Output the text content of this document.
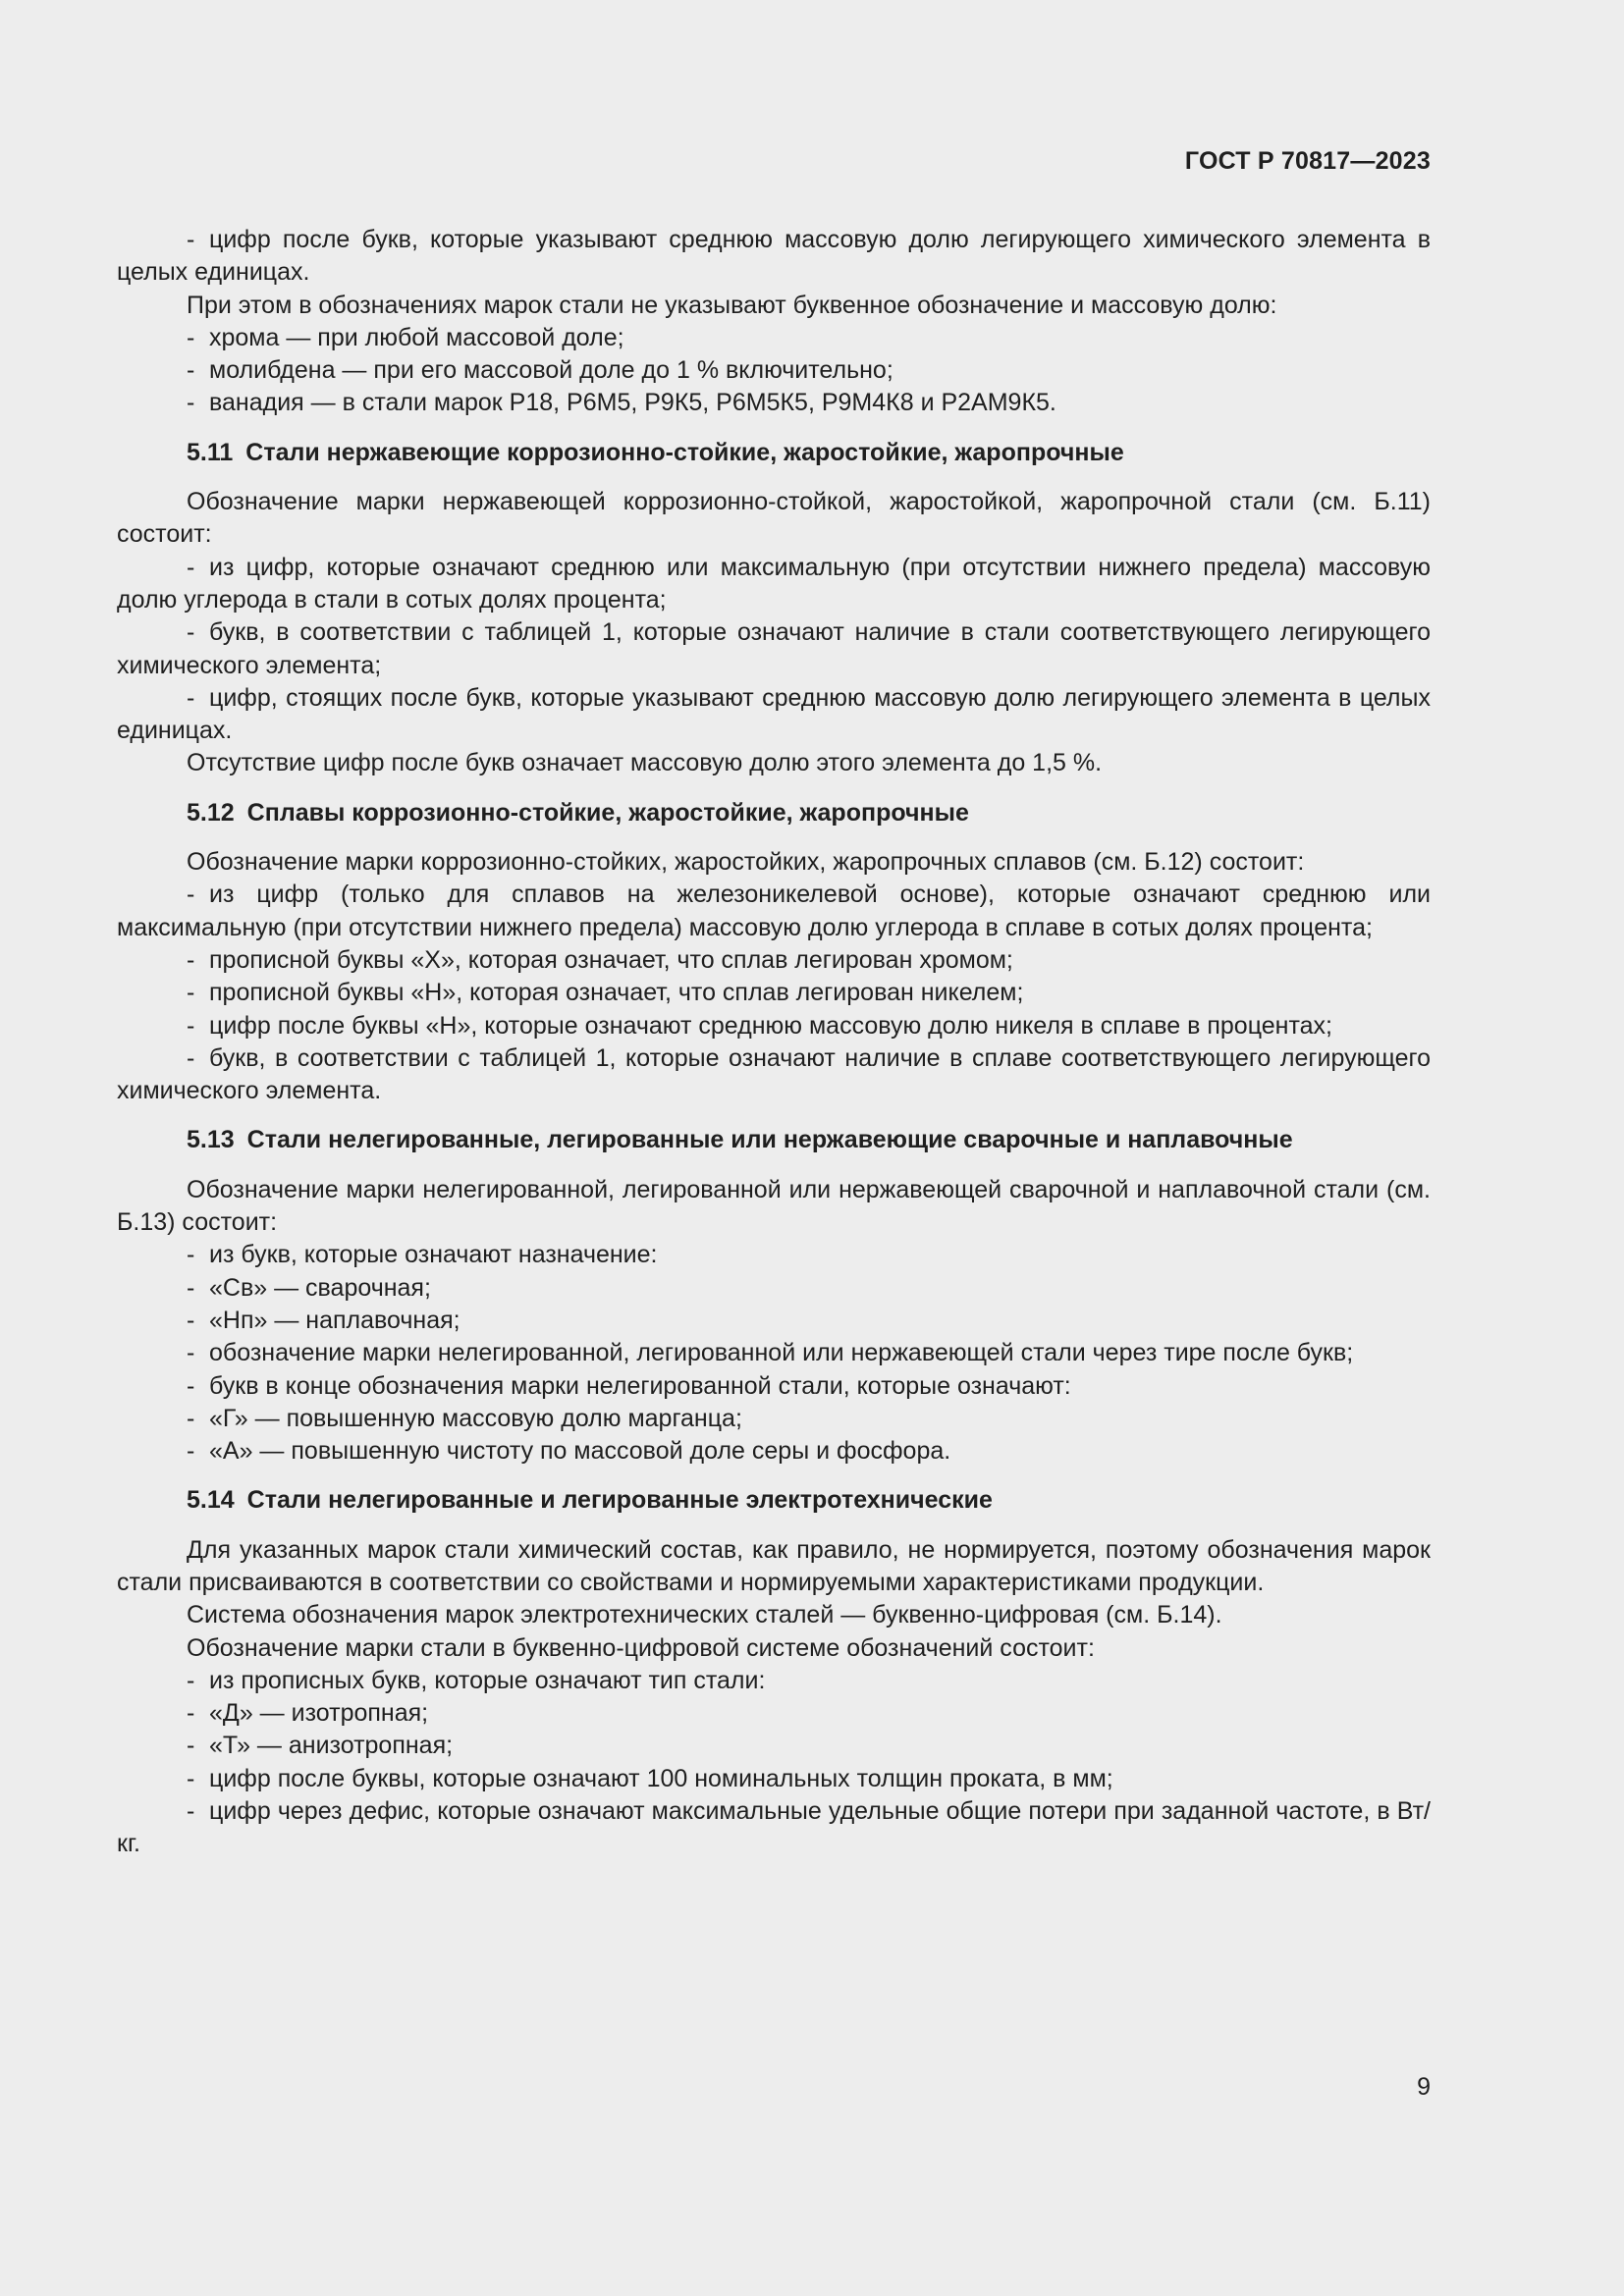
ГОСТ Р 70817—2023

- цифр после букв, которые указывают среднюю массовую долю легирующего химического элемента в целых единицах.

При этом в обозначениях марок стали не указывают буквенное обозначение и массовую долю:

- хрома — при любой массовой доле;

- молибдена — при его массовой доле до 1 % включительно;

- ванадия — в стали марок Р18, Р6М5, Р9К5, Р6М5К5, Р9М4К8 и Р2АМ9К5.

5.11 Стали нержавеющие коррозионно-стойкие, жаростойкие, жаропрочные

Обозначение марки нержавеющей коррозионно-стойкой, жаростойкой, жаропрочной стали (см. Б.11) состоит:

- из цифр, которые означают среднюю или максимальную (при отсутствии нижнего предела) массовую долю углерода в стали в сотых долях процента;

- букв, в соответствии с таблицей 1, которые означают наличие в стали соответствующего легирующего химического элемента;

- цифр, стоящих после букв, которые указывают среднюю массовую долю легирующего элемента в целых единицах.

Отсутствие цифр после букв означает массовую долю этого элемента до 1,5 %.

5.12 Сплавы коррозионно-стойкие, жаростойкие, жаропрочные

Обозначение марки коррозионно-стойких, жаростойких, жаропрочных сплавов (см. Б.12) состоит:

- из цифр (только для сплавов на железоникелевой основе), которые означают среднюю или максимальную (при отсутствии нижнего предела) массовую долю углерода в сплаве в сотых долях процента;

- прописной буквы «Х», которая означает, что сплав легирован хромом;

- прописной буквы «Н», которая означает, что сплав легирован никелем;

- цифр после буквы «Н», которые означают среднюю массовую долю никеля в сплаве в процентах;

- букв, в соответствии с таблицей 1, которые означают наличие в сплаве соответствующего легирующего химического элемента.

5.13 Стали нелегированные, легированные или нержавеющие сварочные и наплавочные

Обозначение марки нелегированной, легированной или нержавеющей сварочной и наплавочной стали (см. Б.13) состоит:

- из букв, которые означают назначение:

- «Св» — сварочная;

- «Нп» — наплавочная;

- обозначение марки нелегированной, легированной или нержавеющей стали через тире после букв;

- букв в конце обозначения марки нелегированной стали, которые означают:

- «Г» — повышенную массовую долю марганца;

- «А» — повышенную чистоту по массовой доле серы и фосфора.

5.14 Стали нелегированные и легированные электротехнические

Для указанных марок стали химический состав, как правило, не нормируется, поэтому обозначения марок стали присваиваются в соответствии со свойствами и нормируемыми характеристиками продукции.

Система обозначения марок электротехнических сталей — буквенно-цифровая (см. Б.14).

Обозначение марки стали в буквенно-цифровой системе обозначений состоит:

- из прописных букв, которые означают тип стали:

- «Д» — изотропная;

- «Т» — анизотропная;

- цифр после буквы, которые означают 100 номинальных толщин проката, в мм;

- цифр через дефис, которые означают максимальные удельные общие потери при заданной частоте, в Вт/кг.

9
